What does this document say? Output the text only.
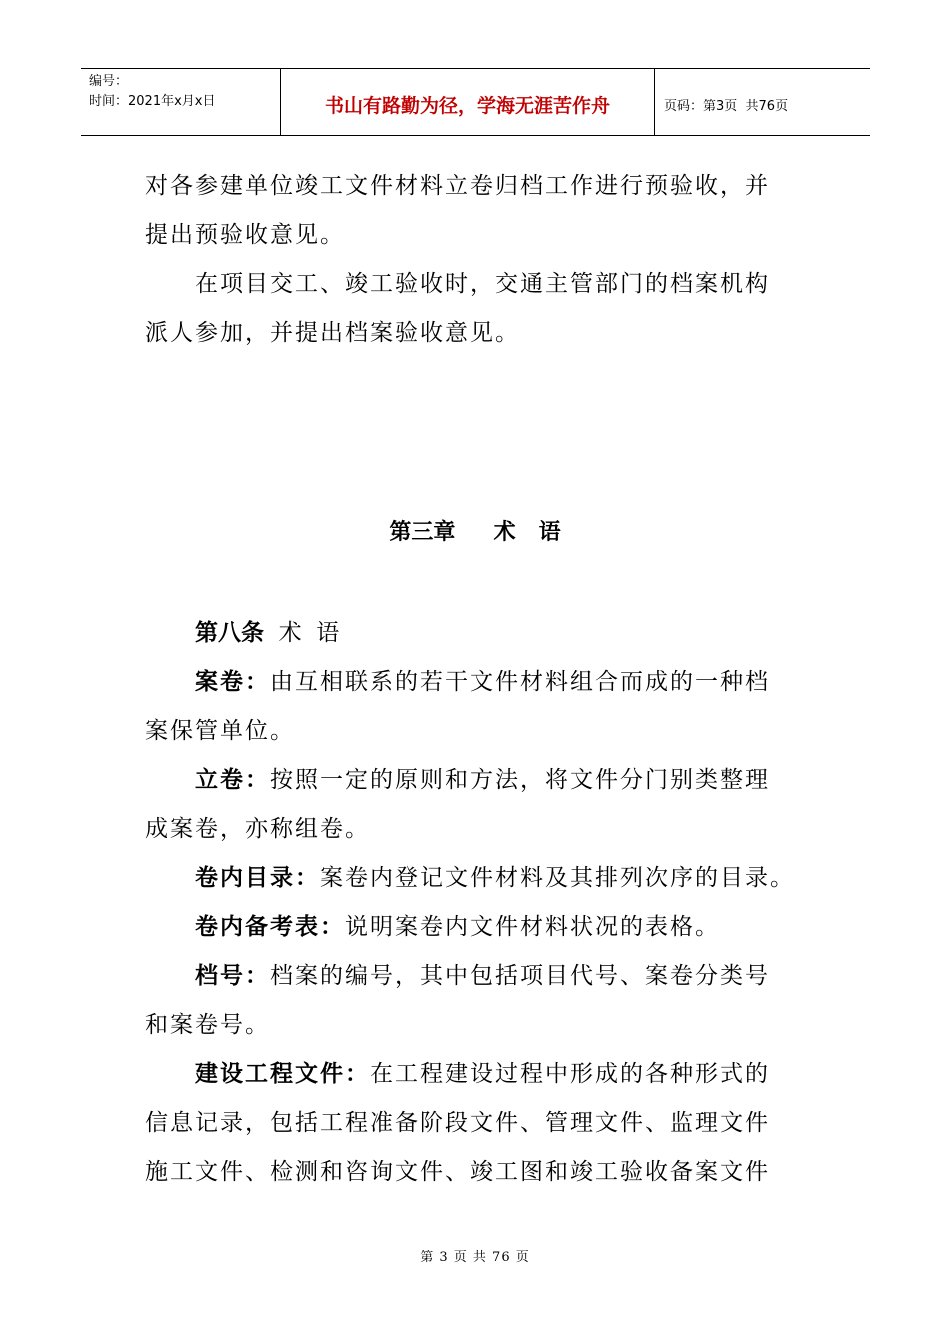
编号：
时间：2021年x月x日	书山有路勤为径，学海无涯苦作舟	页码：第3页  共76页

对各参建单位竣工文件材料立卷归档工作进行预验收，并
提出预验收意见。

在项目交工、竣工验收时，交通主管部门的档案机构
派人参加，并提出档案验收意见。

第三章     术   语

第八条  术  语

案卷：由互相联系的若干文件材料组合而成的一种档
案保管单位。

立卷：按照一定的原则和方法，将文件分门别类整理
成案卷，亦称组卷。

卷内目录：案卷内登记文件材料及其排列次序的目录。

卷内备考表：说明案卷内文件材料状况的表格。

档号：档案的编号，其中包括项目代号、案卷分类号
和案卷号。

建设工程文件：在工程建设过程中形成的各种形式的
信息记录，包括工程准备阶段文件、管理文件、监理文件
施工文件、检测和咨询文件、竣工图和竣工验收备案文件

第 3 页 共 76 页
